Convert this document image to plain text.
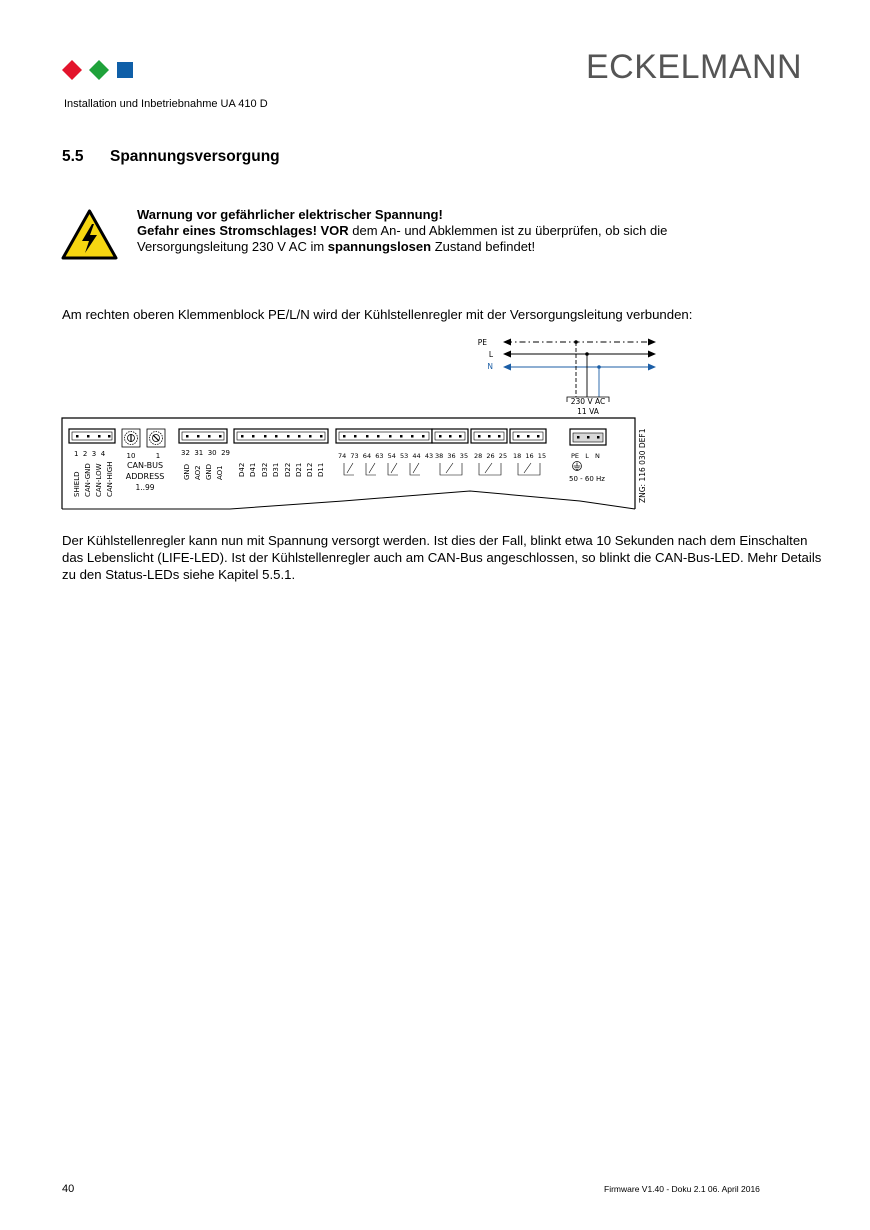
ECKELMANN
Installation und Inbetriebnahme UA 410 D
5.5 Spannungsversorgung
Warnung vor gefährlicher elektrischer Spannung!
Gefahr eines Stromschlages! VOR dem An- und Abklemmen ist zu überprüfen, ob sich die
Versorgungsleitung 230 V AC im spannungslosen Zustand befindet!
Am rechten oberen Klemmenblock PE/L/N wird der Kühlstellenregler mit der Versorgungsleitung verbunden:
PE
L
N
230 V AC
11 VA
1  2  3  4
SHIELD CAN-GND CAN-LOW CAN-HIGH
10	1
CAN-BUS
ADDRESS
1..99
32  31  30  29
GND AO2 GND AO1 D42 D41 D32 D31 D22 D21 D12 D11
74  73  64  63  54  53  44  43 38  36  35 28  26  25 18  16  15	PE   L   N
50 - 60 Hz	ZNG: 116 030 DEF1
Der Kühlstellenregler kann nun mit Spannung versorgt werden. Ist dies der Fall, blinkt etwa 10 Sekunden nach dem Einschalten das Lebenslicht (LIFE-LED). Ist der Kühlstellenregler auch am CAN-Bus angeschlossen, so blinkt die CAN-Bus-LED. Mehr Details zu den Status-LEDs siehe Kapitel 5.5.1.
40	Firmware V1.40 - Doku 2.1 06. April 2016
